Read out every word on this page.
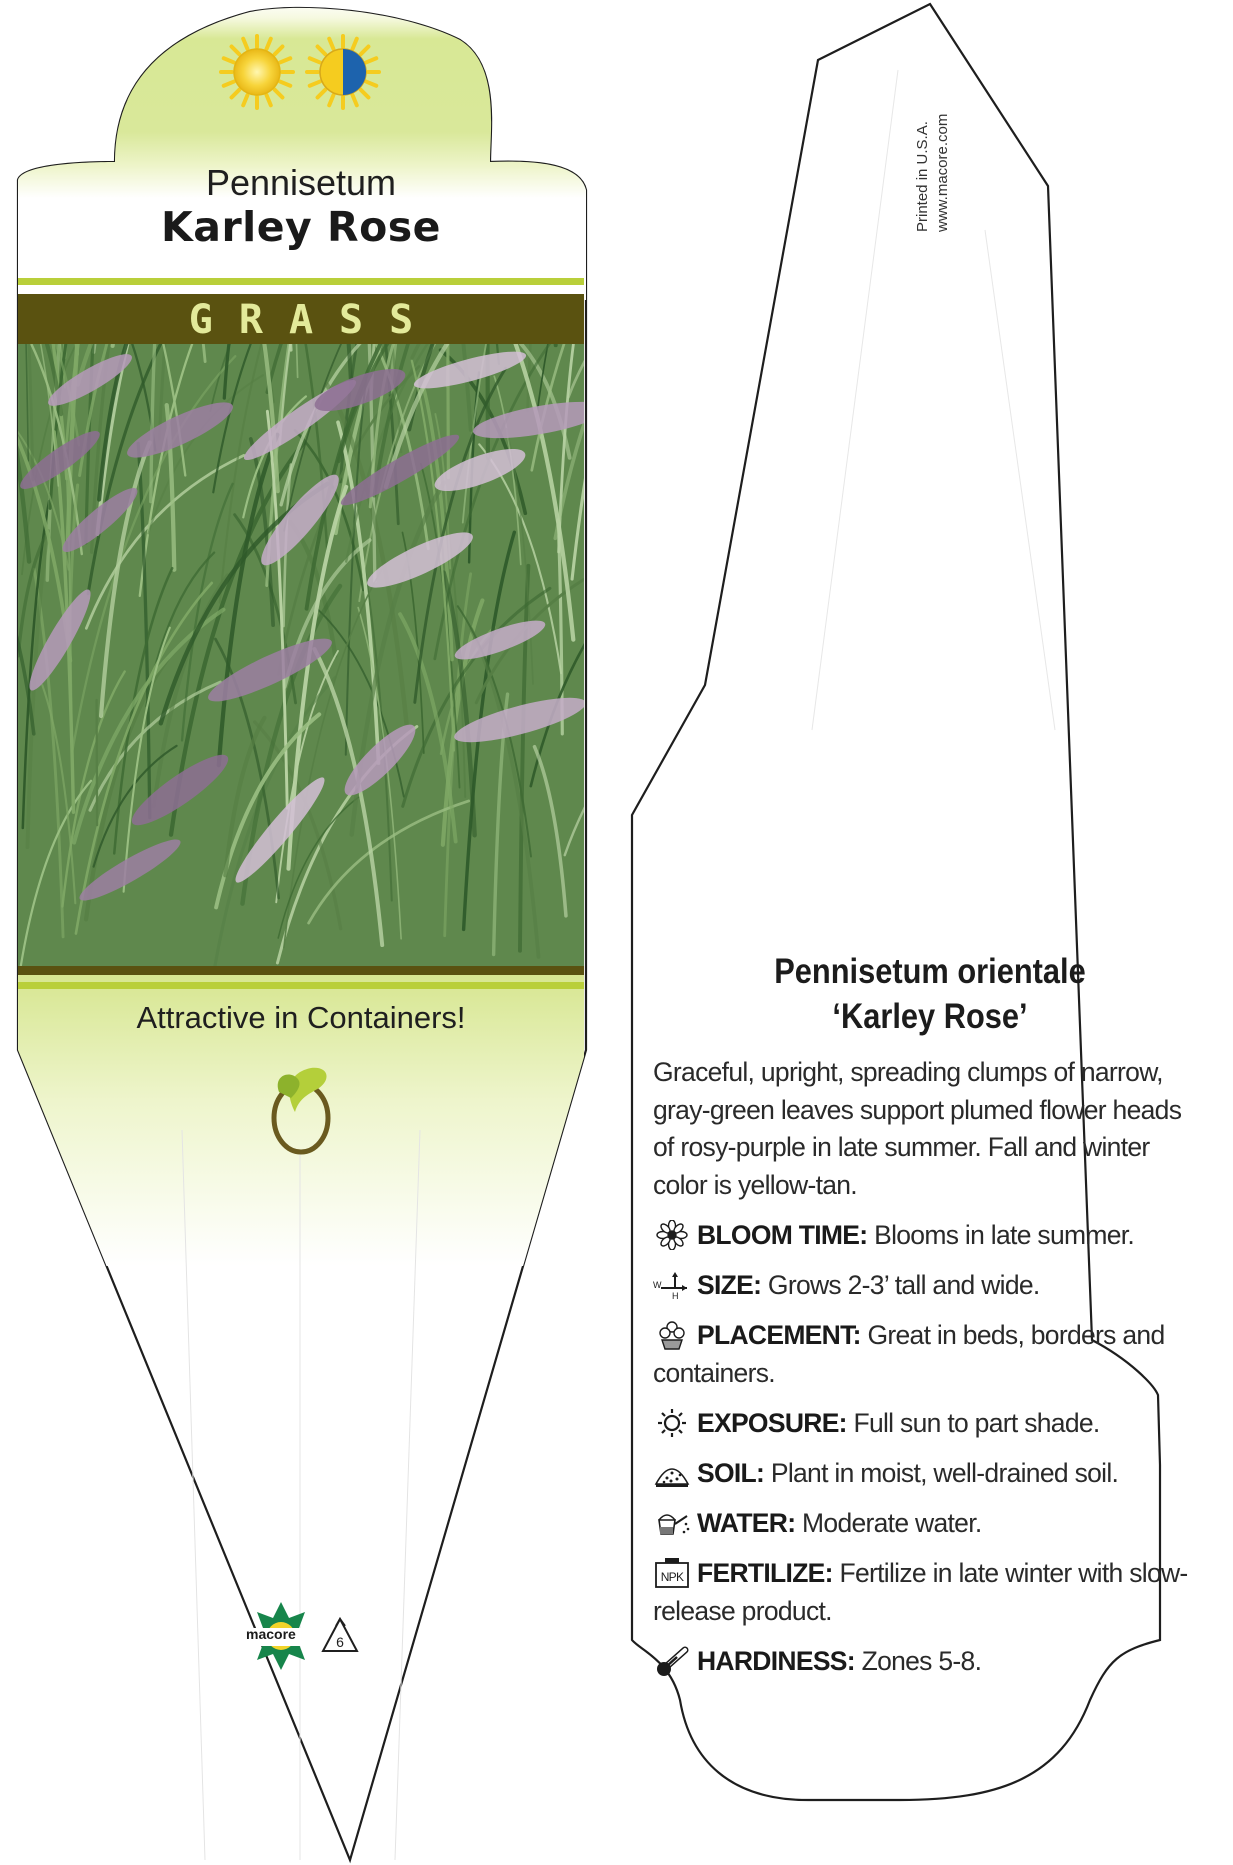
6
Pennisetum
Karley Rose
GRASS
Attractive in Containers!
macore
Printed in U.S.A. www.macore.com
Pennisetum orientale
‘Karley Rose’
Graceful, upright, spreading clumps of narrow, gray-green leaves support plumed flower heads of rosy-purple in late summer. Fall and winter color is yellow-tan.
BLOOM TIME: Blooms in late summer.
W
H SIZE: Grows 2-3’ tall and wide.
PLACEMENT: Great in beds, borders and containers.
EXPOSURE: Full sun to part shade.
SOIL: Plant in moist, well-drained soil.
WATER: Moderate water.
NPK FERTILIZE: Fertilize in late winter with slow-release product.
HARDINESS: Zones 5-8.
